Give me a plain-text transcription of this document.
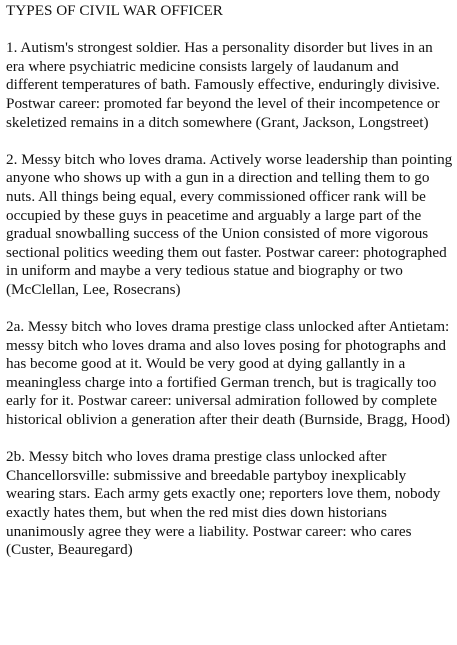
TYPES OF CIVIL WAR OFFICER

1. Autism's strongest soldier. Has a personality disorder but lives in an era where psychiatric medicine consists largely of laudanum and different temperatures of bath. Famously effective, enduringly divisive. Postwar career: promoted far beyond the level of their incompetence or skeletized remains in a ditch somewhere (Grant, Jackson, Longstreet)

2. Messy bitch who loves drama. Actively worse leadership than pointing anyone who shows up with a gun in a direction and telling them to go nuts. All things being equal, every commissioned officer rank will be occupied by these guys in peacetime and arguably a large part of the gradual snowballing success of the Union consisted of more vigorous sectional politics weeding them out faster. Postwar career: photographed in uniform and maybe a very tedious statue and biography or two (McClellan, Lee, Rosecrans)

2a. Messy bitch who loves drama prestige class unlocked after Antietam: messy bitch who loves drama and also loves posing for photographs and has become good at it. Would be very good at dying gallantly in a meaningless charge into a fortified German trench, but is tragically too early for it. Postwar career: universal admiration followed by complete historical oblivion a generation after their death (Burnside, Bragg, Hood)

2b. Messy bitch who loves drama prestige class unlocked after Chancellorsville: submissive and breedable partyboy inexplicably wearing stars. Each army gets exactly one; reporters love them, nobody exactly hates them, but when the red mist dies down historians unanimously agree they were a liability. Postwar career: who cares (Custer, Beauregard)
